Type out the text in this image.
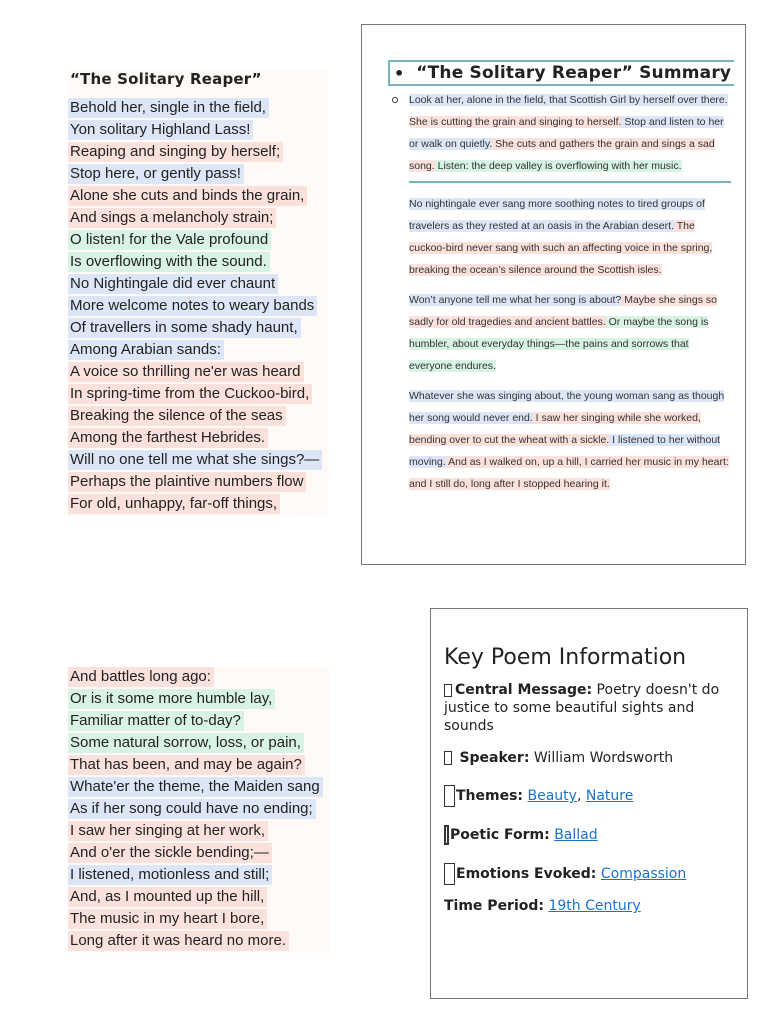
“The Solitary Reaper”
Behold her, single in the field,
Yon solitary Highland Lass!
Reaping and singing by herself;
Stop here, or gently pass!
Alone she cuts and binds the grain,
And sings a melancholy strain;
O listen! for the Vale profound
Is overflowing with the sound.
No Nightingale did ever chaunt
More welcome notes to weary bands
Of travellers in some shady haunt,
Among Arabian sands:
A voice so thrilling ne'er was heard
In spring-time from the Cuckoo-bird,
Breaking the silence of the seas
Among the farthest Hebrides.
Will no one tell me what she sings?—
Perhaps the plaintive numbers flow
For old, unhappy, far-off things,
And battles long ago:
Or is it some more humble lay,
Familiar matter of to-day?
Some natural sorrow, loss, or pain,
That has been, and may be again?
Whate'er the theme, the Maiden sang
As if her song could have no ending;
I saw her singing at her work,
And o'er the sickle bending;—
I listened, motionless and still;
And, as I mounted up the hill,
The music in my heart I bore,
Long after it was heard no more.
• “The Solitary Reaper” Summary
Look at her, alone in the field, that Scottish Girl by herself over there. She is cutting the grain and singing to herself. Stop and listen to her or walk on quietly. She cuts and gathers the grain and sings a sad song. Listen: the deep valley is overflowing with her music.
No nightingale ever sang more soothing notes to tired groups of travelers as they rested at an oasis in the Arabian desert. The cuckoo-bird never sang with such an affecting voice in the spring, breaking the ocean’s silence around the Scottish isles.
Won’t anyone tell me what her song is about? Maybe she sings so sadly for old tragedies and ancient battles. Or maybe the song is humbler, about everyday things—the pains and sorrows that everyone endures.
Whatever she was singing about, the young woman sang as though her song would never end. I saw her singing while she worked, bending over to cut the wheat with a sickle. I listened to her without moving. And as I walked on, up a hill, I carried her music in my heart: and I still do, long after I stopped hearing it.
Key Poem Information
Central Message: Poetry doesn't do justice to some beautiful sights and sounds
Speaker: William Wordsworth
Themes: Beauty, Nature
Poetic Form: Ballad
Emotions Evoked: Compassion
Time Period: 19th Century
